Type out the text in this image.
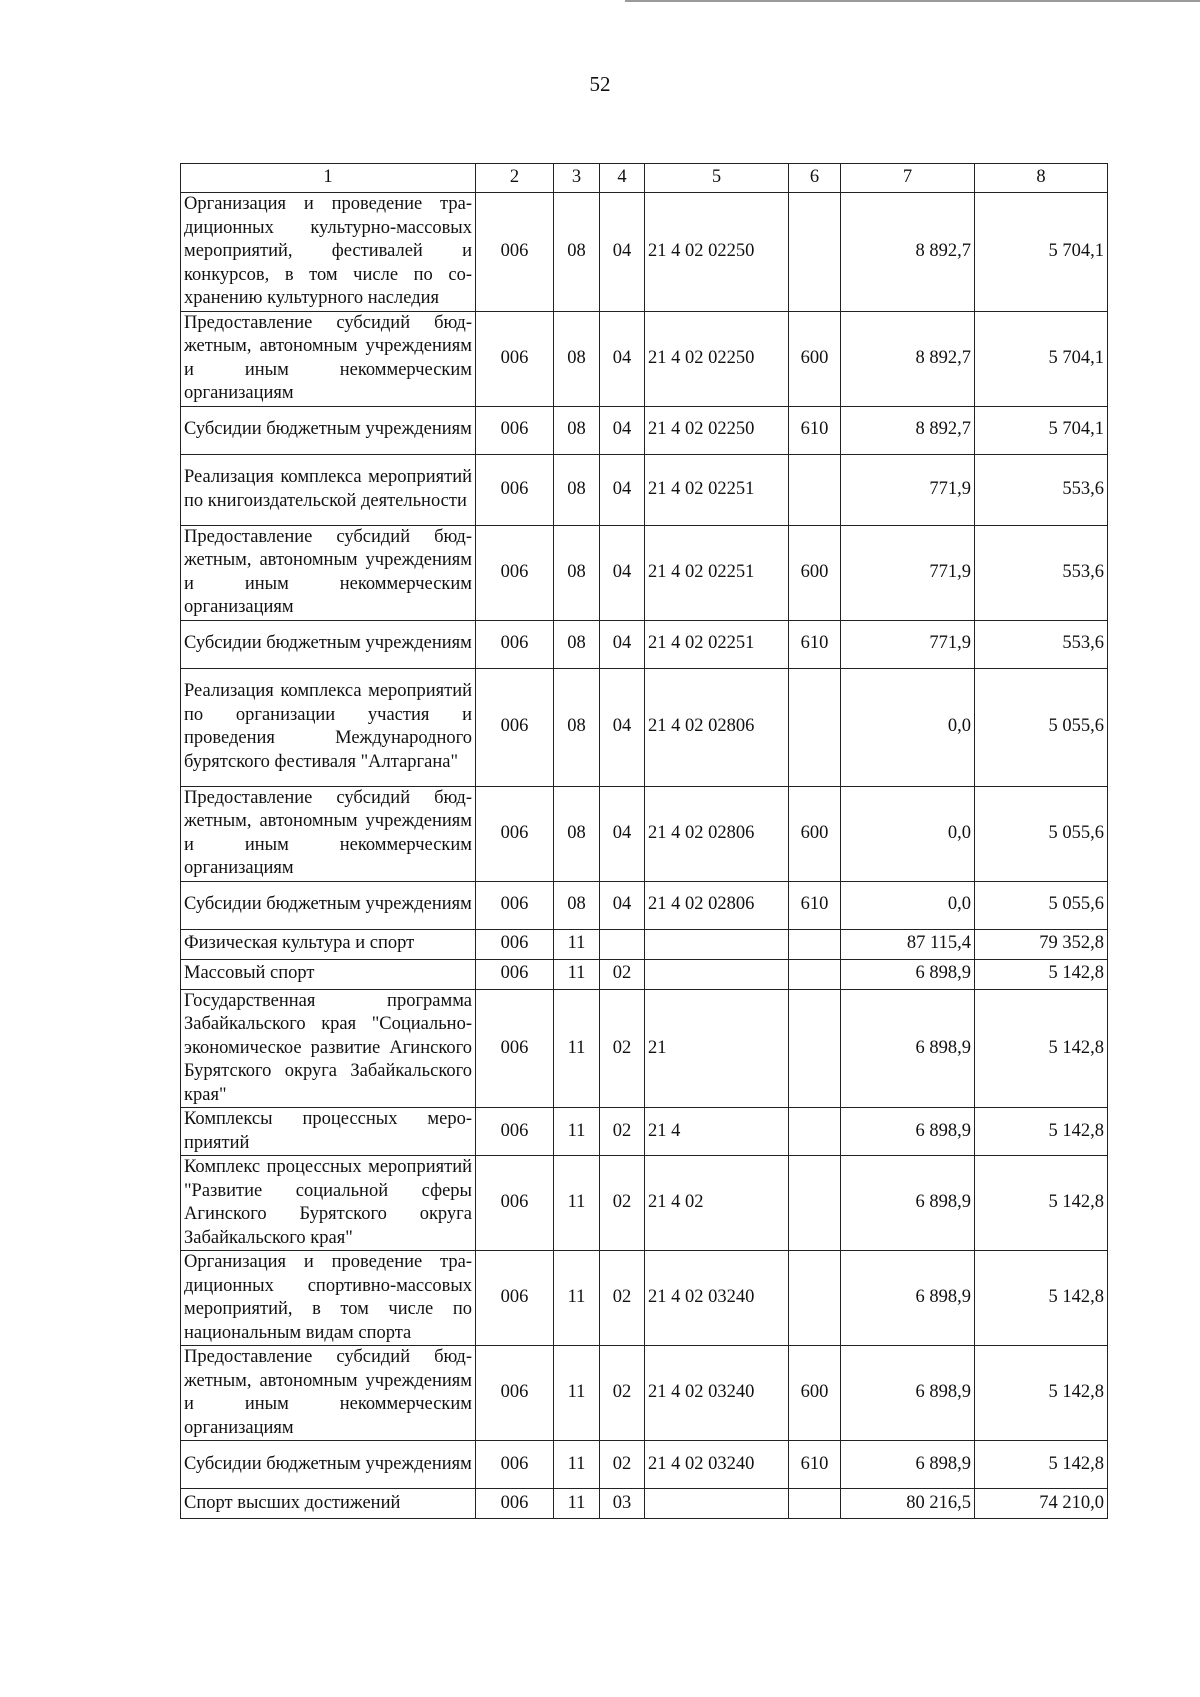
52
1	2	3	4	5	6	7	8
Организация и проведение традиционных культурно-массовых мероприятий, фестивалей и конкурсов, в том числе по сохранению культурного наследия	006	08	04	21 4 02 02250		8 892,7	5 704,1
Предоставление субсидий бюджетным, автономным учреждениям и иным некоммерческим организациям	006	08	04	21 4 02 02250	600	8 892,7	5 704,1
Субсидии бюджетным учреждениям	006	08	04	21 4 02 02250	610	8 892,7	5 704,1
Реализация комплекса мероприятий по книгоиздательской деятельности	006	08	04	21 4 02 02251		771,9	553,6
Предоставление субсидий бюджетным, автономным учреждениям и иным некоммерческим организациям	006	08	04	21 4 02 02251	600	771,9	553,6
Субсидии бюджетным учреждениям	006	08	04	21 4 02 02251	610	771,9	553,6
Реализация комплекса мероприятий по организации участия и проведения Международного бурятского фестиваля "Алтаргана"	006	08	04	21 4 02 02806		0,0	5 055,6
Предоставление субсидий бюджетным, автономным учреждениям и иным некоммерческим организациям	006	08	04	21 4 02 02806	600	0,0	5 055,6
Субсидии бюджетным учреждениям	006	08	04	21 4 02 02806	610	0,0	5 055,6
Физическая культура и спорт	006	11				87 115,4	79 352,8
Массовый спорт	006	11	02			6 898,9	5 142,8
Государственная программа Забайкальского края "Социально-экономическое развитие Агинского Бурятского округа Забайкальского края"	006	11	02	21		6 898,9	5 142,8
Комплексы процессных мероприятий	006	11	02	21 4		6 898,9	5 142,8
Комплекс процессных мероприятий "Развитие социальной сферы Агинского Бурятского округа Забайкальского края"	006	11	02	21 4 02		6 898,9	5 142,8
Организация и проведение традиционных спортивно-массовых мероприятий, в том числе по национальным видам спорта	006	11	02	21 4 02 03240		6 898,9	5 142,8
Предоставление субсидий бюджетным, автономным учреждениям и иным некоммерческим организациям	006	11	02	21 4 02 03240	600	6 898,9	5 142,8
Субсидии бюджетным учреждениям	006	11	02	21 4 02 03240	610	6 898,9	5 142,8
Спорт высших достижений	006	11	03			80 216,5	74 210,0
